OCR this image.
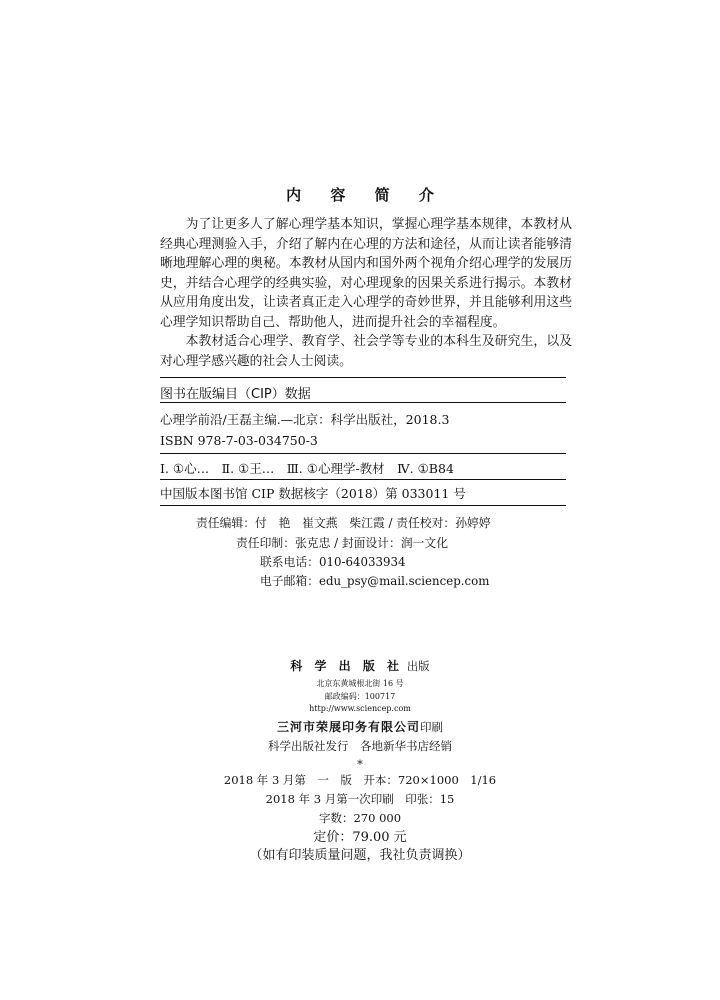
内 容 简 介

为了让更多人了解心理学基本知识，掌握心理学基本规律，本教材从经典心理测验入手，介绍了解内在心理的方法和途径，从而让读者能够清晰地理解心理的奥秘。本教材从国内和国外两个视角介绍心理学的发展历史，并结合心理学的经典实验，对心理现象的因果关系进行揭示。本教材从应用角度出发，让读者真正走入心理学的奇妙世界，并且能够利用这些心理学知识帮助自己、帮助他人，进而提升社会的幸福程度。

本教材适合心理学、教育学、社会学等专业的本科生及研究生，以及对心理学感兴趣的社会人士阅读。

图书在版编目（CIP）数据
心理学前沿/王磊主编.—北京：科学出版社，2018.3
ISBN 978-7-03-034750-3
Ⅰ. ①心…　Ⅱ. ①王…　Ⅲ. ①心理学-教材　Ⅳ. ①B84
中国版本图书馆 CIP 数据核字（2018）第 033011 号
责任编辑：付　艳　崔文燕　柴江霞 / 责任校对：孙婷婷
责任印制：张克忠 / 封面设计：润一文化
联系电话：010-64033934
电子邮箱：edu_psy@mail.sciencep.com
科 学 出 版 社 出版
北京东黄城根北街 16 号
邮政编码：100717
http://www.sciencep.com
三河市荣展印务有限公司印刷
科学出版社发行　各地新华书店经销
*
2018 年 3 月第　一　版　开本：720×1000　1/16
2018 年 3 月第一次印刷　印张：15
字数：270 000
定价：79.00 元
（如有印装质量问题，我社负责调换）
